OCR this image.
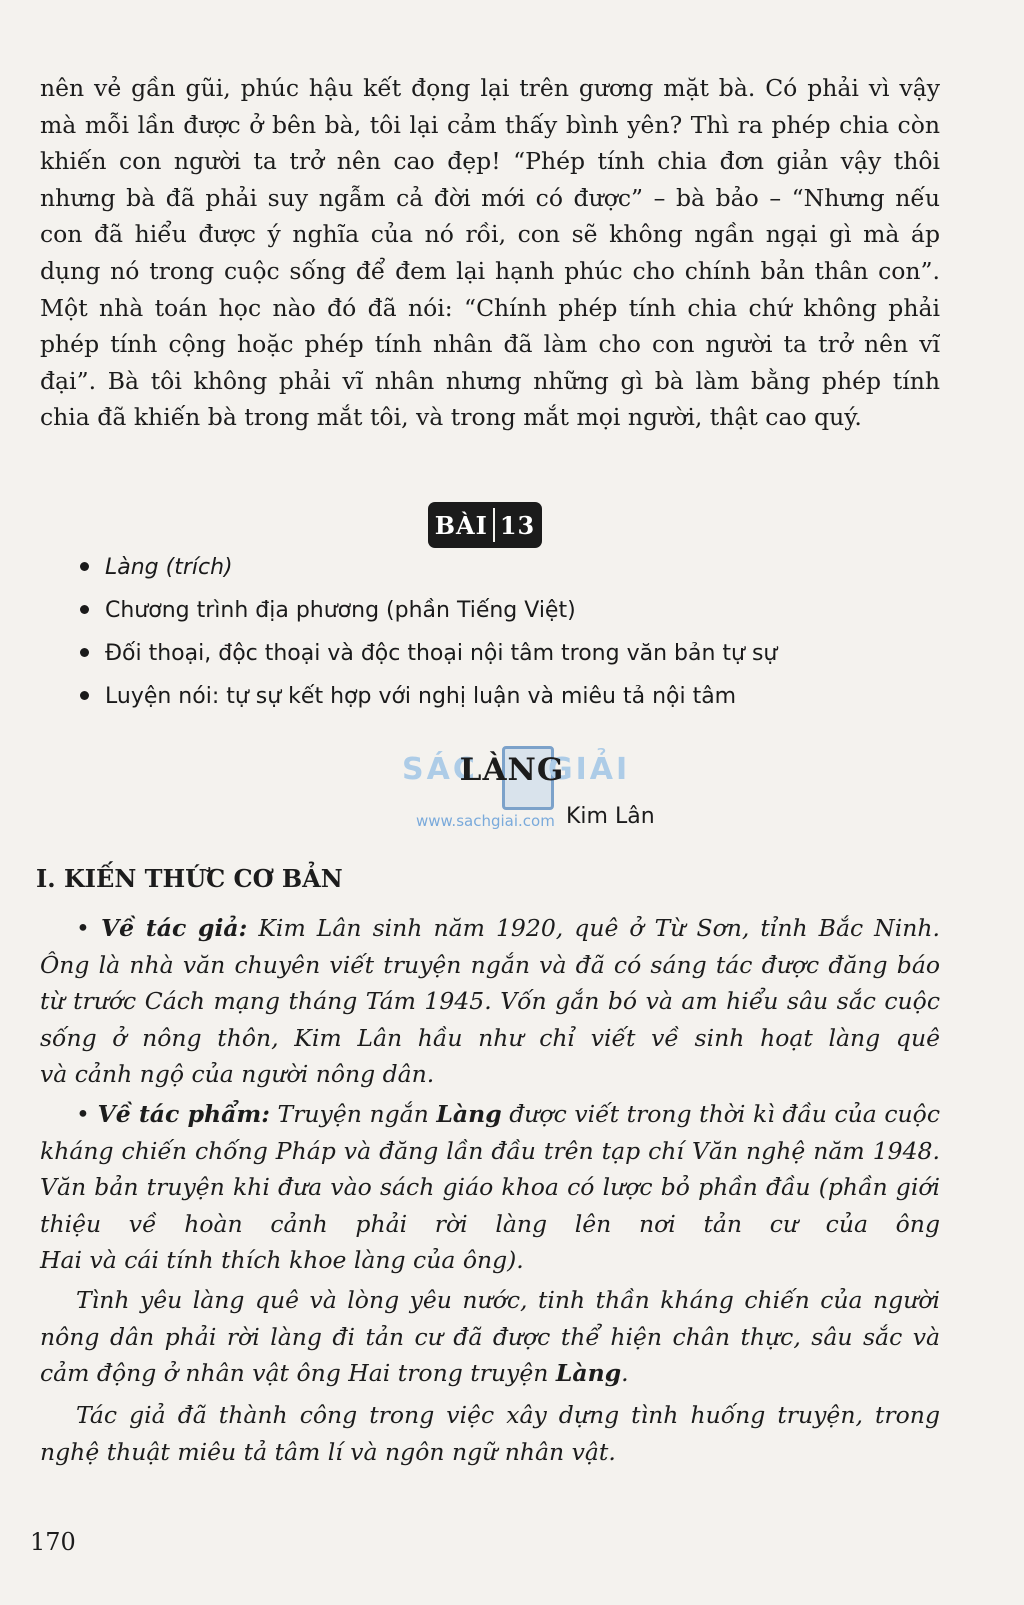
nên vẻ gần gũi, phúc hậu kết đọng lại trên gương mặt bà. Có phải vì vậy mà mỗi lần được ở bên bà, tôi lại cảm thấy bình yên? Thì ra phép chia còn khiến con người ta trở nên cao đẹp! “Phép tính chia đơn giản vậy thôi nhưng bà đã phải suy ngẫm cả đời mới có được” – bà bảo – “Nhưng nếu con đã hiểu được ý nghĩa của nó rồi, con sẽ không ngần ngại gì mà áp dụng nó trong cuộc sống để đem lại hạnh phúc cho chính bản thân con”. Một nhà toán học nào đó đã nói: “Chính phép tính chia chứ không phải phép tính cộng hoặc phép tính nhân đã làm cho con người ta trở nên vĩ đại”. Bà tôi không phải vĩ nhân nhưng những gì bà làm bằng phép tính
chia đã khiến bà trong mắt tôi, và trong mắt mọi người, thật cao quý.

BÀI 13
Làng (trích)
Chương trình địa phương (phần Tiếng Việt)
Đối thoại, độc thoại và độc thoại nội tâm trong văn bản tự sự
Luyện nói: tự sự kết hợp với nghị luận và miêu tả nội tâm
SÁC GIẢI
LÀNG
www.sachgiai.com Kim Lân
I. KIẾN THỨC CƠ BẢN

• Về tác giả: Kim Lân sinh năm 1920, quê ở Từ Sơn, tỉnh Bắc Ninh. Ông là nhà văn chuyên viết truyện ngắn và đã có sáng tác được đăng báo từ trước Cách mạng tháng Tám 1945. Vốn gắn bó và am hiểu sâu sắc cuộc sống ở nông thôn, Kim Lân hầu như chỉ viết về sinh hoạt làng quê
và cảnh ngộ của người nông dân.

• Về tác phẩm: Truyện ngắn Làng được viết trong thời kì đầu của cuộc kháng chiến chống Pháp và đăng lần đầu trên tạp chí Văn nghệ năm 1948. Văn bản truyện khi đưa vào sách giáo khoa có lược bỏ phần đầu (phần giới thiệu về hoàn cảnh phải rời làng lên nơi tản cư của ông
Hai và cái tính thích khoe làng của ông).

Tình yêu làng quê và lòng yêu nước, tinh thần kháng chiến của người nông dân phải rời làng đi tản cư đã được thể hiện chân thực, sâu sắc và
cảm động ở nhân vật ông Hai trong truyện Làng.

Tác giả đã thành công trong việc xây dựng tình huống truyện, trong
nghệ thuật miêu tả tâm lí và ngôn ngữ nhân vật.

170
